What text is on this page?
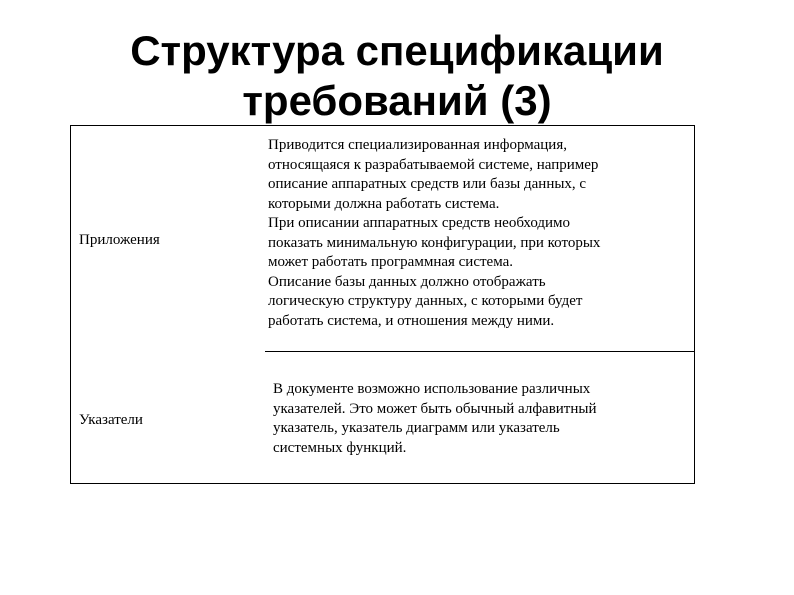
Структура спецификации
требований (3)
Приложения
Приводится специализированная информация,
относящаяся к разрабатываемой системе, например
описание аппаратных средств или базы данных, с
которыми должна работать система.
При описании аппаратных средств необходимо
показать минимальную конфигурации, при которых
может работать программная система.
Описание базы данных должно отображать
логическую структуру данных, с которыми будет
работать система, и отношения между ними.
Указатели
В документе возможно использование различных
указателей. Это может быть обычный алфавитный
указатель, указатель диаграмм или указатель
системных функций.
